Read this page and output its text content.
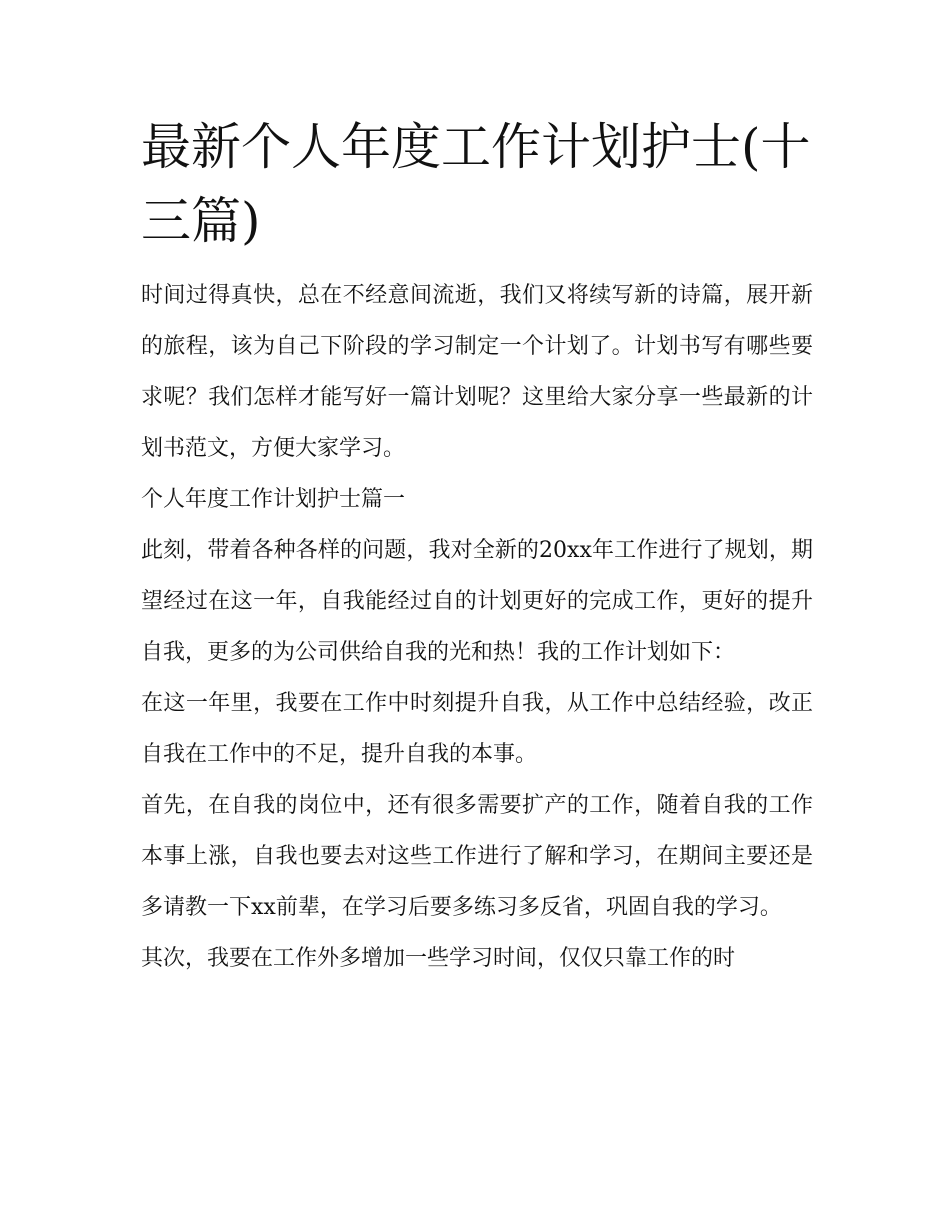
最新个人年度工作计划护士(十三篇)

时间过得真快，总在不经意间流逝，我们又将续写新的诗篇，展开新的旅程，该为自己下阶段的学习制定一个计划了。计划书写有哪些要求呢？我们怎样才能写好一篇计划呢？这里给大家分享一些最新的计划书范文，方便大家学习。

个人年度工作计划护士篇一

此刻，带着各种各样的问题，我对全新的20xx年工作进行了规划，期望经过在这一年，自我能经过自的计划更好的完成工作，更好的提升自我，更多的为公司供给自我的光和热！我的工作计划如下：

在这一年里，我要在工作中时刻提升自我，从工作中总结经验，改正自我在工作中的不足，提升自我的本事。

首先，在自我的岗位中，还有很多需要扩产的工作，随着自我的工作本事上涨，自我也要去对这些工作进行了解和学习，在期间主要还是多请教一下xx前辈，在学习后要多练习多反省，巩固自我的学习。

其次，我要在工作外多增加一些学习时间，仅仅只靠工作的时
